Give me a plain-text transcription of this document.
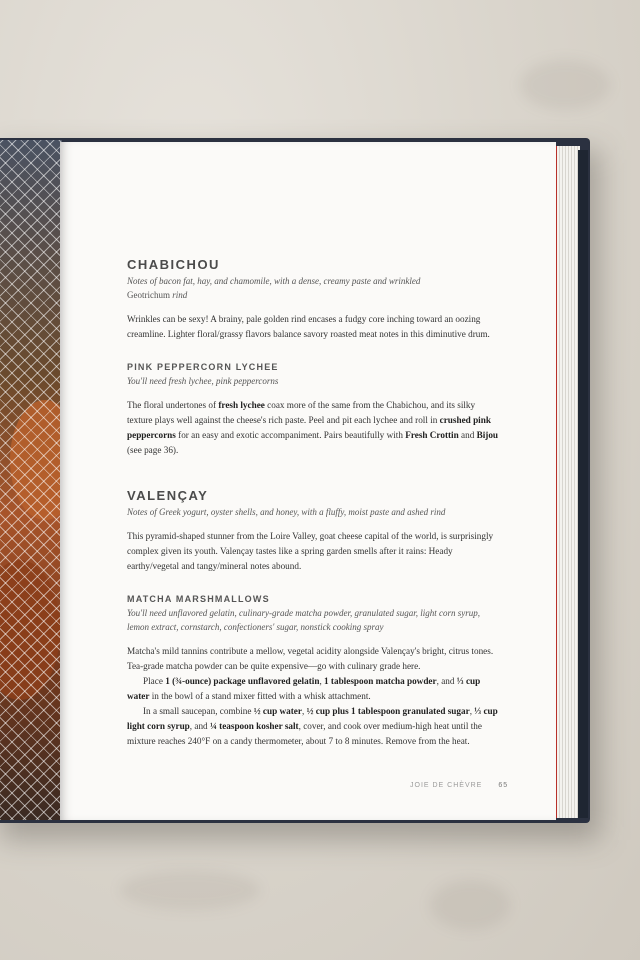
CHABICHOU

Notes of bacon fat, hay, and chamomile, with a dense, creamy paste and wrinkled
Geotrichum rind

Wrinkles can be sexy! A brainy, pale golden rind encases a fudgy core inching toward an oozing creamline. Lighter floral/grassy flavors balance savory roasted meat notes in this diminutive drum.

PINK PEPPERCORN LYCHEE

You'll need fresh lychee, pink peppercorns

The floral undertones of fresh lychee coax more of the same from the Chabichou, and its silky texture plays well against the cheese's rich paste. Peel and pit each lychee and roll in crushed pink peppercorns for an easy and exotic accompaniment. Pairs beautifully with Fresh Crottin and Bijou (see page 36).

VALENÇAY

Notes of Greek yogurt, oyster shells, and honey, with a fluffy, moist paste and ashed rind

This pyramid-shaped stunner from the Loire Valley, goat cheese capital of the world, is surprisingly complex given its youth. Valençay tastes like a spring garden smells after it rains: Heady earthy/vegetal and tangy/mineral notes abound.

MATCHA MARSHMALLOWS

You'll need unflavored gelatin, culinary-grade matcha powder, granulated sugar, light corn syrup, lemon extract, cornstarch, confectioners' sugar, nonstick cooking spray

Matcha's mild tannins contribute a mellow, vegetal acidity alongside Valençay's bright, citrus tones. Tea-grade matcha powder can be quite expensive—go with culinary grade here.

Place 1 (¾-ounce) package unflavored gelatin, 1 tablespoon matcha powder, and ⅓ cup water in the bowl of a stand mixer fitted with a whisk attachment.

In a small saucepan, combine ½ cup water, ½ cup plus 1 tablespoon granulated sugar, ⅓ cup light corn syrup, and ¼ teaspoon kosher salt, cover, and cook over medium-high heat until the mixture reaches 240°F on a candy thermometer, about 7 to 8 minutes. Remove from the heat.

JOIE DE CHÈVRE 65
